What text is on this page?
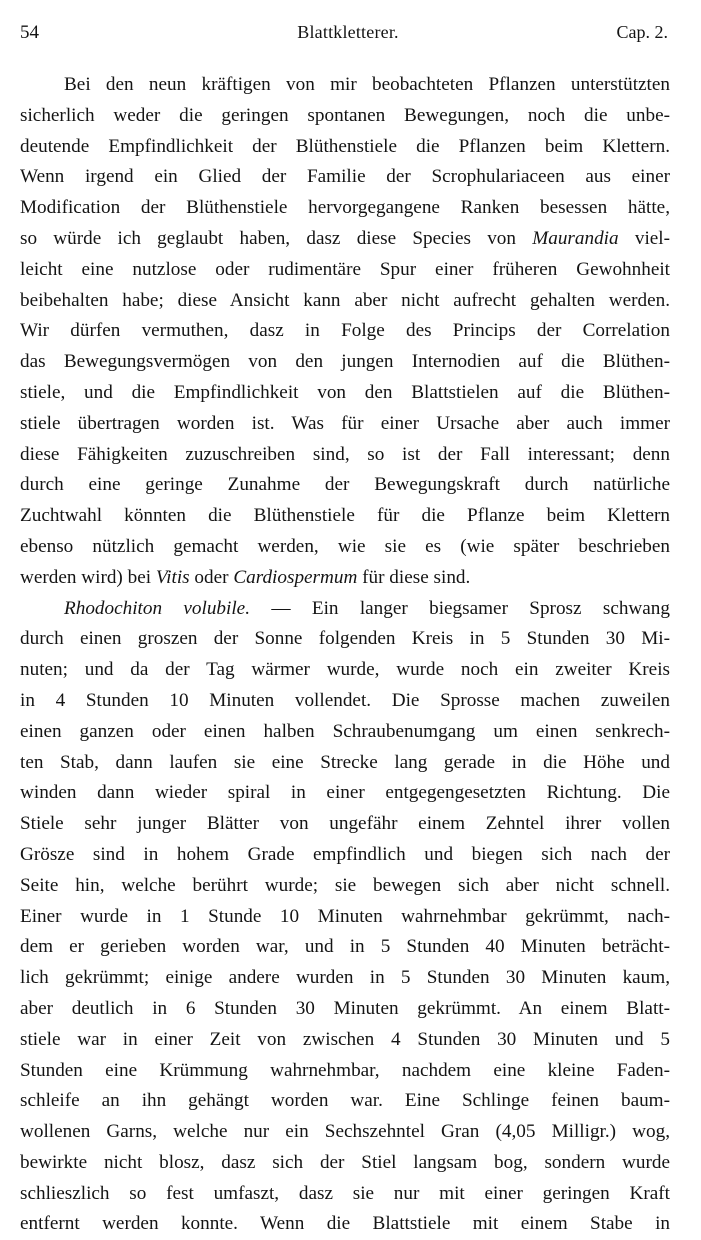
54	Blattkletterer.	Cap. 2.
Bei den neun kräftigen von mir beobachteten Pflanzen unterstützten
sicherlich weder die geringen spontanen Bewegungen, noch die unbe-
deutende Empfindlichkeit der Blüthenstiele die Pflanzen beim Klettern.
Wenn irgend ein Glied der Familie der Scrophulariaceen aus einer
Modification der Blüthenstiele hervorgegangene Ranken besessen hätte,
so würde ich geglaubt haben, dasz diese Species von Maurandia viel-
leicht eine nutzlose oder rudimentäre Spur einer früheren Gewohnheit
beibehalten habe; diese Ansicht kann aber nicht aufrecht gehalten werden.
Wir dürfen vermuthen, dasz in Folge des Princips der Correlation
das Bewegungsvermögen von den jungen Internodien auf die Blüthen-
stiele, und die Empfindlichkeit von den Blattstielen auf die Blüthen-
stiele übertragen worden ist. Was für einer Ursache aber auch immer
diese Fähigkeiten zuzuschreiben sind, so ist der Fall interessant; denn
durch eine geringe Zunahme der Bewegungskraft durch natürliche
Zuchtwahl könnten die Blüthenstiele für die Pflanze beim Klettern
ebenso nützlich gemacht werden, wie sie es (wie später beschrieben
werden wird) bei Vitis oder Cardiospermum für diese sind.
Rhodochiton volubile. — Ein langer biegsamer Sprosz schwang
durch einen groszen der Sonne folgenden Kreis in 5 Stunden 30 Mi-
nuten; und da der Tag wärmer wurde, wurde noch ein zweiter Kreis
in 4 Stunden 10 Minuten vollendet. Die Sprosse machen zuweilen
einen ganzen oder einen halben Schraubenumgang um einen senkrech-
ten Stab, dann laufen sie eine Strecke lang gerade in die Höhe und
winden dann wieder spiral in einer entgegengesetzten Richtung. Die
Stiele sehr junger Blätter von ungefähr einem Zehntel ihrer vollen
Grösze sind in hohem Grade empfindlich und biegen sich nach der
Seite hin, welche berührt wurde; sie bewegen sich aber nicht schnell.
Einer wurde in 1 Stunde 10 Minuten wahrnehmbar gekrümmt, nach-
dem er gerieben worden war, und in 5 Stunden 40 Minuten beträcht-
lich gekrümmt; einige andere wurden in 5 Stunden 30 Minuten kaum,
aber deutlich in 6 Stunden 30 Minuten gekrümmt. An einem Blatt-
stiele war in einer Zeit von zwischen 4 Stunden 30 Minuten und 5
Stunden eine Krümmung wahrnehmbar, nachdem eine kleine Faden-
schleife an ihn gehängt worden war. Eine Schlinge feinen baum-
wollenen Garns, welche nur ein Sechszehntel Gran (4,05 Milligr.) wog,
bewirkte nicht blosz, dasz sich der Stiel langsam bog, sondern wurde
schlieszlich so fest umfaszt, dasz sie nur mit einer geringen Kraft
entfernt werden konnte. Wenn die Blattstiele mit einem Stabe in
